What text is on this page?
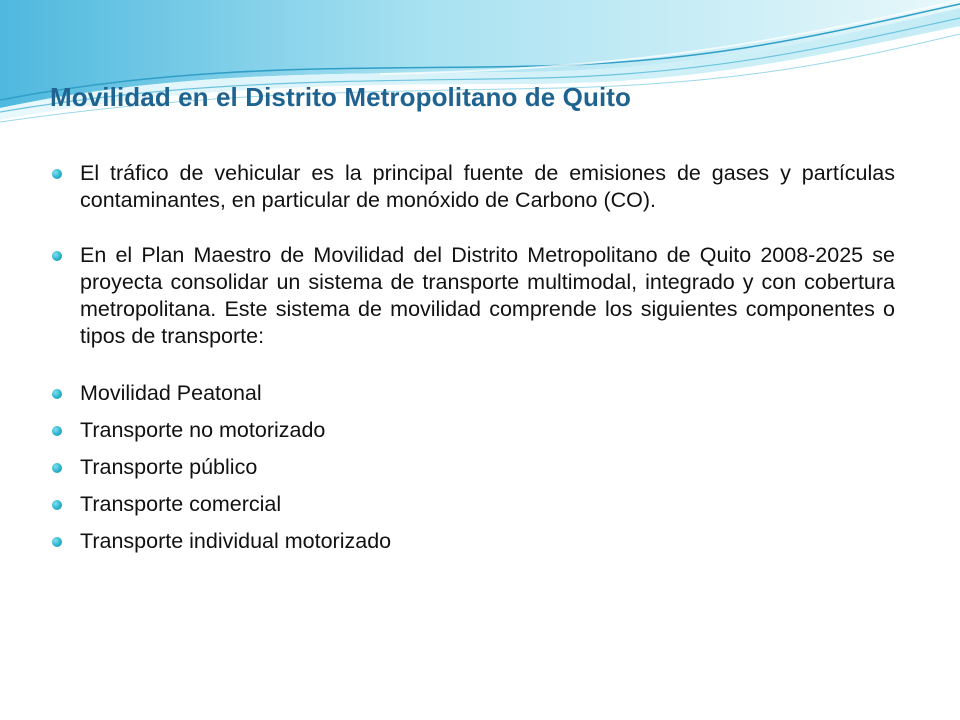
Movilidad en el Distrito Metropolitano de Quito
El tráfico de vehicular es la principal fuente de emisiones de gases y partículas contaminantes, en particular de monóxido de Carbono (CO).
En el Plan Maestro de Movilidad del Distrito Metropolitano de Quito 2008-2025 se proyecta consolidar un sistema de transporte multimodal, integrado y con cobertura metropolitana. Este sistema de movilidad comprende los siguientes componentes o tipos de transporte:
Movilidad Peatonal
Transporte no motorizado
Transporte público
Transporte comercial
Transporte individual motorizado
